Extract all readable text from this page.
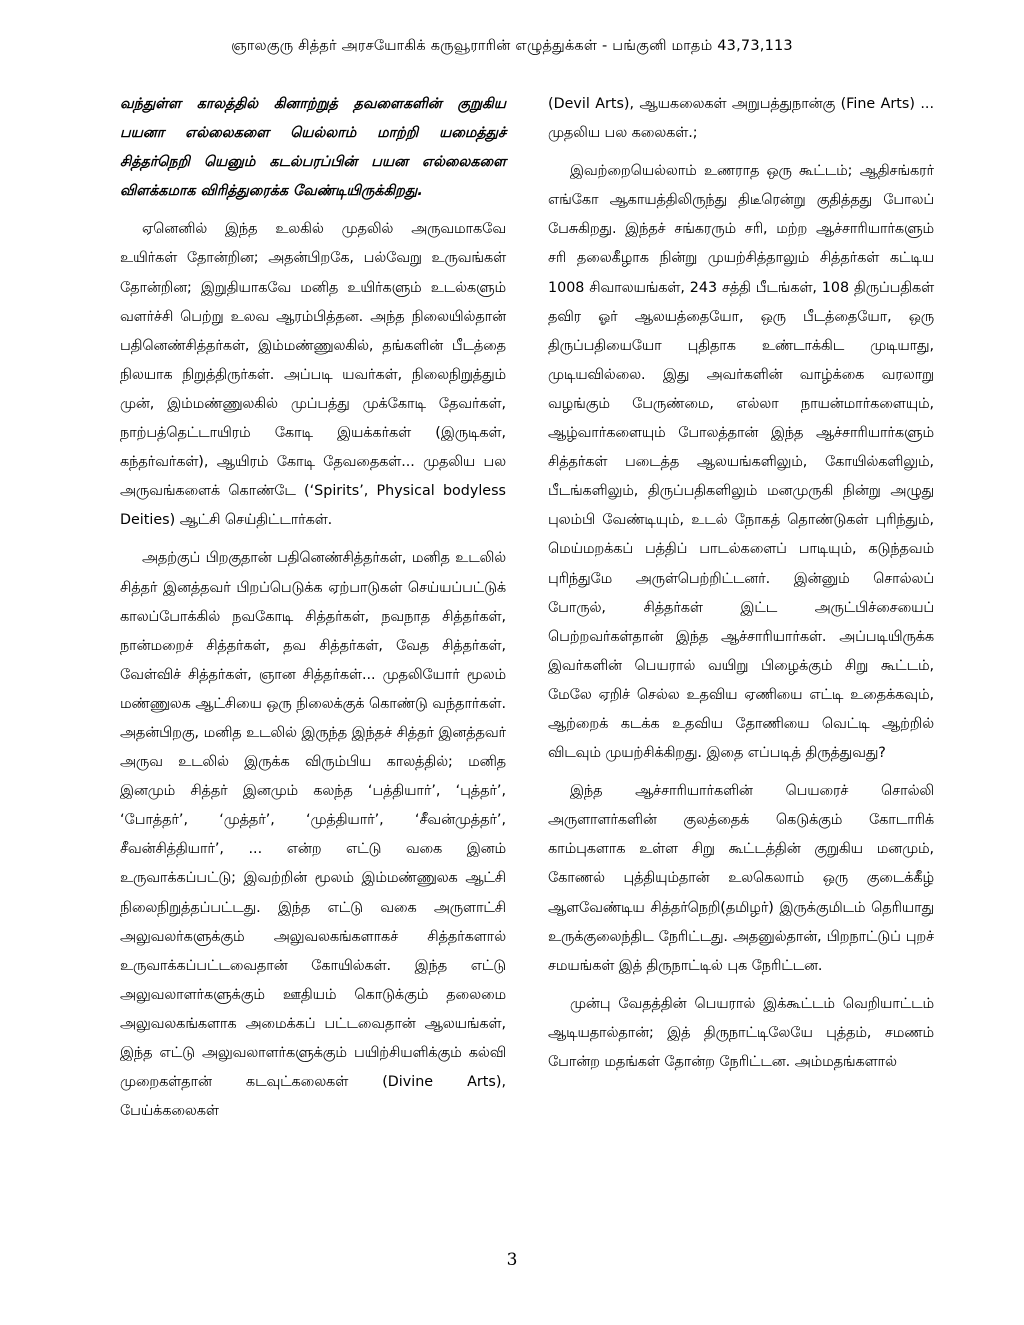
ஞாலகுரு சித்தர் அரசயோகிக் கருவூராரின் எழுத்துக்கள் - பங்குனி மாதம் 43,73,113

வந்துள்ள காலத்தில் கினாற்றுத் தவளைகளின் குறுகிய பயனா எல்லைகளை யெல்லாம் மாற்றி யமைத்துச் சித்தர்நெறி யெனும் கடல்பரப்பின் பயன எல்லைகளை விளக்கமாக விரித்துரைக்க வேண்டியிருக்கிறது.

ஏனெனில் இந்த உலகில் முதலில் அருவமாகவே உயிர்கள் தோன்றின; அதன்பிறகே, பல்வேறு உருவங்கள் தோன்றின; இறுதியாகவே மனித உயிர்களும் உடல்களும் வளர்ச்சி பெற்று உலவ ஆரம்பித்தன. அந்த நிலையில்தான் பதினெண்சித்தர்கள், இம்மண்ணுலகில், தங்களின் பீடத்தை நிலயாக நிறுத்திருர்கள். அப்படி யவர்கள், நிலைநிறுத்தும் முன், இம்மண்ணுலகில் முப்பத்து முக்கோடி தேவர்கள், நாற்பத்தெட்டாயிரம் கோடி இயக்கர்கள் (இருடிகள், கந்தர்வர்கள்), ஆயிரம் கோடி தேவதைகள்... முதலிய பல அருவங்களைக் கொண்டே (‘Spirits’, Physical bodyless Deities) ஆட்சி செய்திட்டார்கள்.

அதற்குப் பிறகுதான் பதினெண்சித்தர்கள், மனித உடலில் சித்தர் இனத்தவர் பிறப்பெடுக்க ஏற்பாடுகள் செய்யப்பட்டுக் காலப்போக்கில் நவகோடி சித்தர்கள், நவநாத சித்தர்கள், நான்மறைச் சித்தர்கள், தவ சித்தர்கள், வேத சித்தர்கள், வேள்விச் சித்தர்கள், ஞான சித்தர்கள்... முதலியோர் மூலம் மண்ணுலக ஆட்சியை ஒரு நிலைக்குக் கொண்டு வந்தார்கள். அதன்பிறகு, மனித உடலில் இருந்த இந்தச் சித்தர் இனத்தவர் அருவ உடலில் இருக்க விரும்பிய காலத்தில்; மனித இனமும் சித்தர் இனமும் கலந்த ‘பத்தியார்’, ‘புத்தர்’, ‘போத்தர்’, ‘முத்தர்’, ‘முத்தியார்’, ‘சீவன்முத்தர்’, சீவன்சித்தியார்’, ... என்ற எட்டு வகை இனம் உருவாக்கப்பட்டு; இவற்றின் மூலம் இம்மண்ணுலக ஆட்சி நிலைநிறுத்தப்பட்டது. இந்த எட்டு வகை அருளாட்சி அலுவலர்களுக்கும் அலுவலகங்களாகச் சித்தர்களால் உருவாக்கப்பட்டவைதான் கோயில்கள். இந்த எட்டு அலுவலாளர்களுக்கும் ஊதியம் கொடுக்கும் தலைமை அலுவலகங்களாக அமைக்கப் பட்டவைதான் ஆலயங்கள், இந்த எட்டு அலுவலாளர்களுக்கும் பயிற்சியளிக்கும் கல்வி முறைகள்தான் கடவுட்கலைகள் (Divine Arts), பேய்க்கலைகள்

(Devil Arts), ஆயகலைகள் அறுபத்துநான்கு (Fine Arts) ... முதலிய பல கலைகள்.;

இவற்றையெல்லாம் உணராத ஒரு கூட்டம்; ஆதிசங்கரர் எங்கோ ஆகாயத்திலிருந்து திடீரென்று குதித்தது போலப் பேசுகிறது. இந்தச் சங்கரரும் சரி, மற்ற ஆச்சாரியார்களும் சரி தலைகீழாக நின்று முயற்சித்தாலும் சித்தர்கள் கட்டிய 1008 சிவாலயங்கள், 243 சத்தி பீடங்கள், 108 திருப்பதிகள் தவிர ஓர் ஆலயத்தையோ, ஒரு பீடத்தையோ, ஒரு திருப்பதியையோ புதிதாக உண்டாக்கிட முடியாது, முடியவில்லை. இது அவர்களின் வாழ்க்கை வரலாறு வழங்கும் பேருண்மை, எல்லா நாயன்மார்களையும், ஆழ்வார்களையும் போலத்தான் இந்த ஆச்சாரியார்களும் சித்தர்கள் படைத்த ஆலயங்களிலும், கோயில்களிலும், பீடங்களிலும், திருப்பதிகளிலும் மனமுருகி நின்று அழுது புலம்பி வேண்டியும், உடல் நோகத் தொண்டுகள் புரிந்தும், மெய்மறக்கப் பத்திப் பாடல்களைப் பாடியும், கடுந்தவம் புரிந்துமே அருள்பெற்றிட்டனர். இன்னும் சொல்லப் போருல், சித்தர்கள் இட்ட அருட்பிச்சையைப் பெற்றவர்கள்தான் இந்த ஆச்சாரியார்கள். அப்படியிருக்க இவர்களின் பெயரால் வயிறு பிழைக்கும் சிறு கூட்டம், மேலே ஏறிச் செல்ல உதவிய ஏணியை எட்டி உதைக்கவும், ஆற்றைக் கடக்க உதவிய தோணியை வெட்டி ஆற்றில் விடவும் முயற்சிக்கிறது. இதை எப்படித் திருத்துவது?

இந்த ஆச்சாரியார்களின் பெயரைச் சொல்லி அருளாளர்களின் குலத்தைக் கெடுக்கும் கோடாரிக் காம்புகளாக உள்ள சிறு கூட்டத்தின் குறுகிய மனமும், கோணல் புத்தியும்தான் உலகெலாம் ஒரு குடைக்கீழ் ஆளவேண்டிய சித்தர்நெறி(தமிழர்) இருக்குமிடம் தெரியாது உருக்குலைந்திட நேரிட்டது. அதனுல்தான், பிறநாட்டுப் புறச் சமயங்கள் இத் திருநாட்டில் புக நேரிட்டன.

முன்பு வேதத்தின் பெயரால் இக்கூட்டம் வெறியாட்டம் ஆடியதால்தான்; இத் திருநாட்டிலேயே புத்தம், சமணம் போன்ற மதங்கள் தோன்ற நேரிட்டன. அம்மதங்களால்

3
